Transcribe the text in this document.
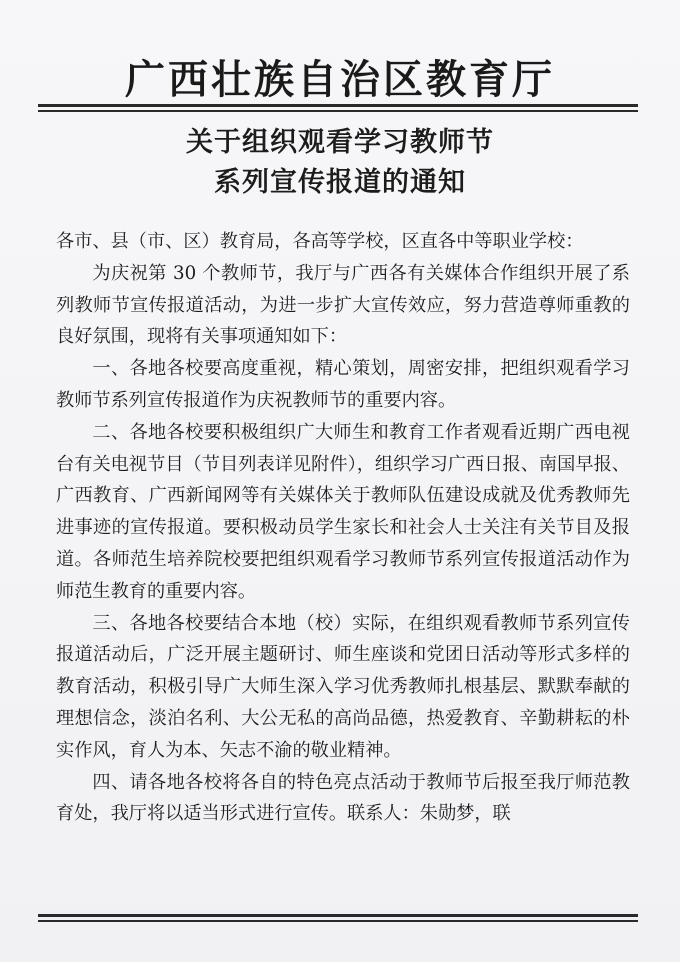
广西壮族自治区教育厅
关于组织观看学习教师节
系列宣传报道的通知

各市、县（市、区）教育局，各高等学校，区直各中等职业学校：

为庆祝第 30 个教师节，我厅与广西各有关媒体合作组织开展了系列教师节宣传报道活动，为进一步扩大宣传效应，努力营造尊师重教的良好氛围，现将有关事项通知如下：

一、各地各校要高度重视，精心策划，周密安排，把组织观看学习教师节系列宣传报道作为庆祝教师节的重要内容。

二、各地各校要积极组织广大师生和教育工作者观看近期广西电视台有关电视节目（节目列表详见附件），组织学习广西日报、南国早报、广西教育、广西新闻网等有关媒体关于教师队伍建设成就及优秀教师先进事迹的宣传报道。要积极动员学生家长和社会人士关注有关节目及报道。各师范生培养院校要把组织观看学习教师节系列宣传报道活动作为师范生教育的重要内容。

三、各地各校要结合本地（校）实际，在组织观看教师节系列宣传报道活动后，广泛开展主题研讨、师生座谈和党团日活动等形式多样的教育活动，积极引导广大师生深入学习优秀教师扎根基层、默默奉献的理想信念，淡泊名利、大公无私的高尚品德，热爱教育、辛勤耕耘的朴实作风，育人为本、矢志不渝的敬业精神。

四、请各地各校将各自的特色亮点活动于教师节后报至我厅师范教育处，我厅将以适当形式进行宣传。联系人：朱勋梦，联
